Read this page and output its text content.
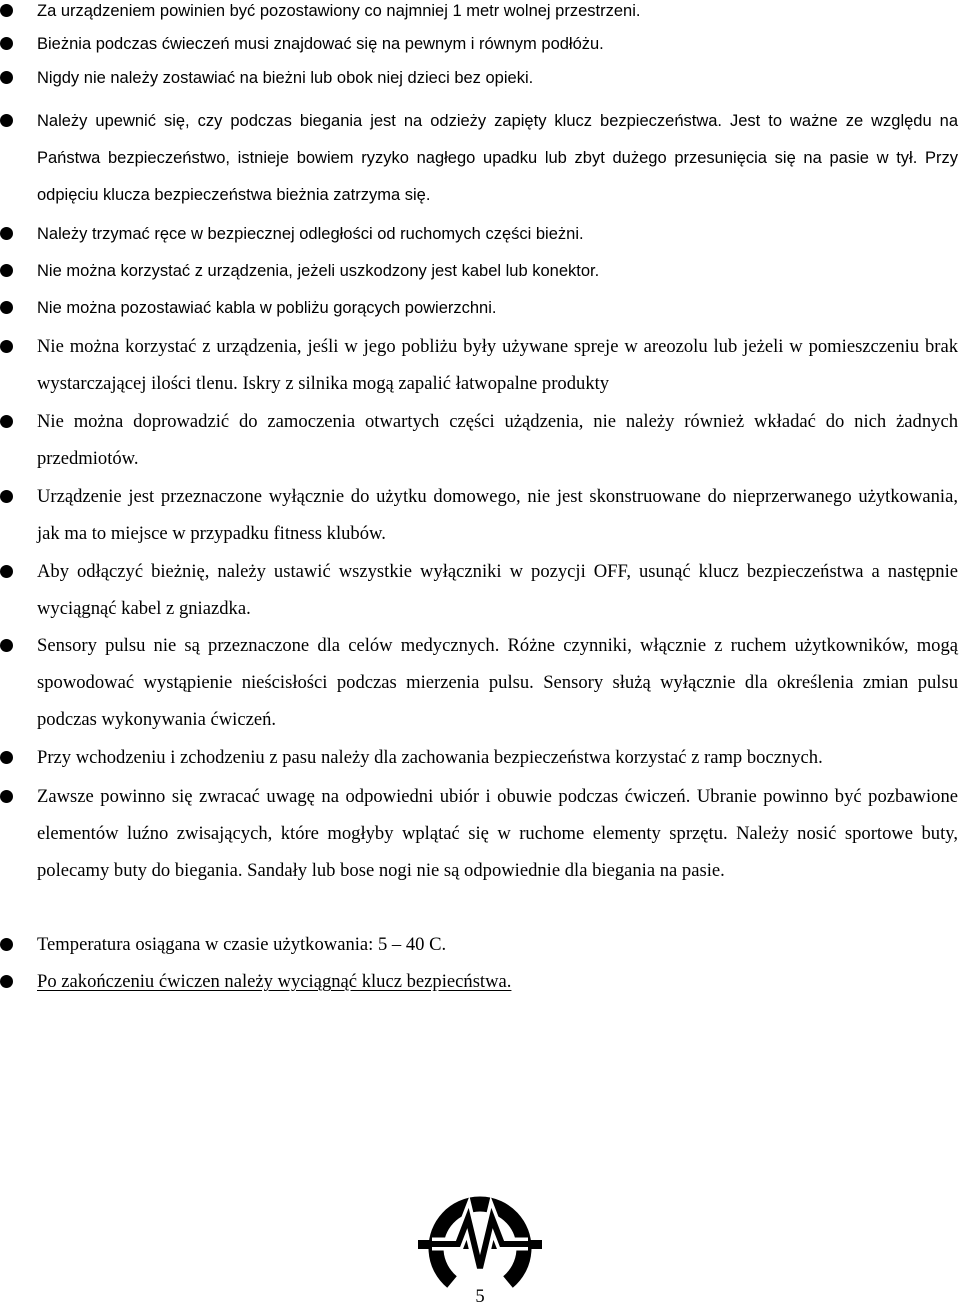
Za urządzeniem powinien być pozostawiony co najmniej 1 metr wolnej przestrzeni.
Bieżnia podczas ćwieczeń musi znajdować się na pewnym i równym podłóżu.
Nigdy nie należy zostawiać na bieżni lub obok niej dzieci bez opieki.
Należy upewnić się, czy podczas biegania jest na odzieży zapięty klucz bezpieczeństwa. Jest to ważne ze względu na Państwa bezpieczeństwo, istnieje bowiem ryzyko nagłego upadku lub zbyt dużego przesunięcia się na pasie w tył. Przy odpięciu klucza bezpieczeństwa bieżnia zatrzyma się.
Należy trzymać ręce w bezpiecznej odległości od ruchomych części bieżni.
Nie można korzystać z urządzenia, jeżeli uszkodzony jest kabel lub konektor.
Nie można pozostawiać kabla w pobliżu gorących powierzchni.
Nie można korzystać z urządzenia, jeśli w jego pobliżu były używane spreje w areozolu lub jeżeli w pomieszczeniu brak wystarczającej ilości tlenu. Iskry z silnika mogą zapalić łatwopalne produkty
Nie można doprowadzić do zamoczenia otwartych części użądzenia, nie należy również wkładać do nich żadnych przedmiotów.
Urządzenie jest przeznaczone wyłącznie do użytku domowego, nie jest skonstruowane do nieprzerwanego użytkowania, jak ma to miejsce w przypadku fitness klubów.
Aby odłączyć bieżnię, należy ustawić wszystkie wyłączniki w pozycji OFF, usunąć klucz bezpieczeństwa a następnie wyciągnąć kabel z gniazdka.
Sensory pulsu nie są przeznaczone dla celów medycznych. Różne czynniki, włącznie z ruchem użytkowników, mogą spowodować wystąpienie nieścisłości podczas mierzenia pulsu. Sensory służą wyłącznie dla określenia zmian pulsu podczas wykonywania ćwiczeń.
Przy wchodzeniu i zchodzeniu z pasu należy dla zachowania bezpieczeństwa korzystać z ramp bocznych.
Zawsze powinno się zwracać uwagę na odpowiedni ubiór i obuwie podczas ćwiczeń. Ubranie powinno być pozbawione elementów luźno zwisających, które mogłyby wplątać się w ruchome elementy sprzętu. Należy nosić sportowe buty, polecamy buty do biegania. Sandały lub bose nogi nie są odpowiednie dla biegania na pasie.
Temperatura osiągana w czasie użytkowania: 5 – 40 C.
Po zakończeniu ćwiczen należy wyciągnąć klucz bezpiecństwa.
5
